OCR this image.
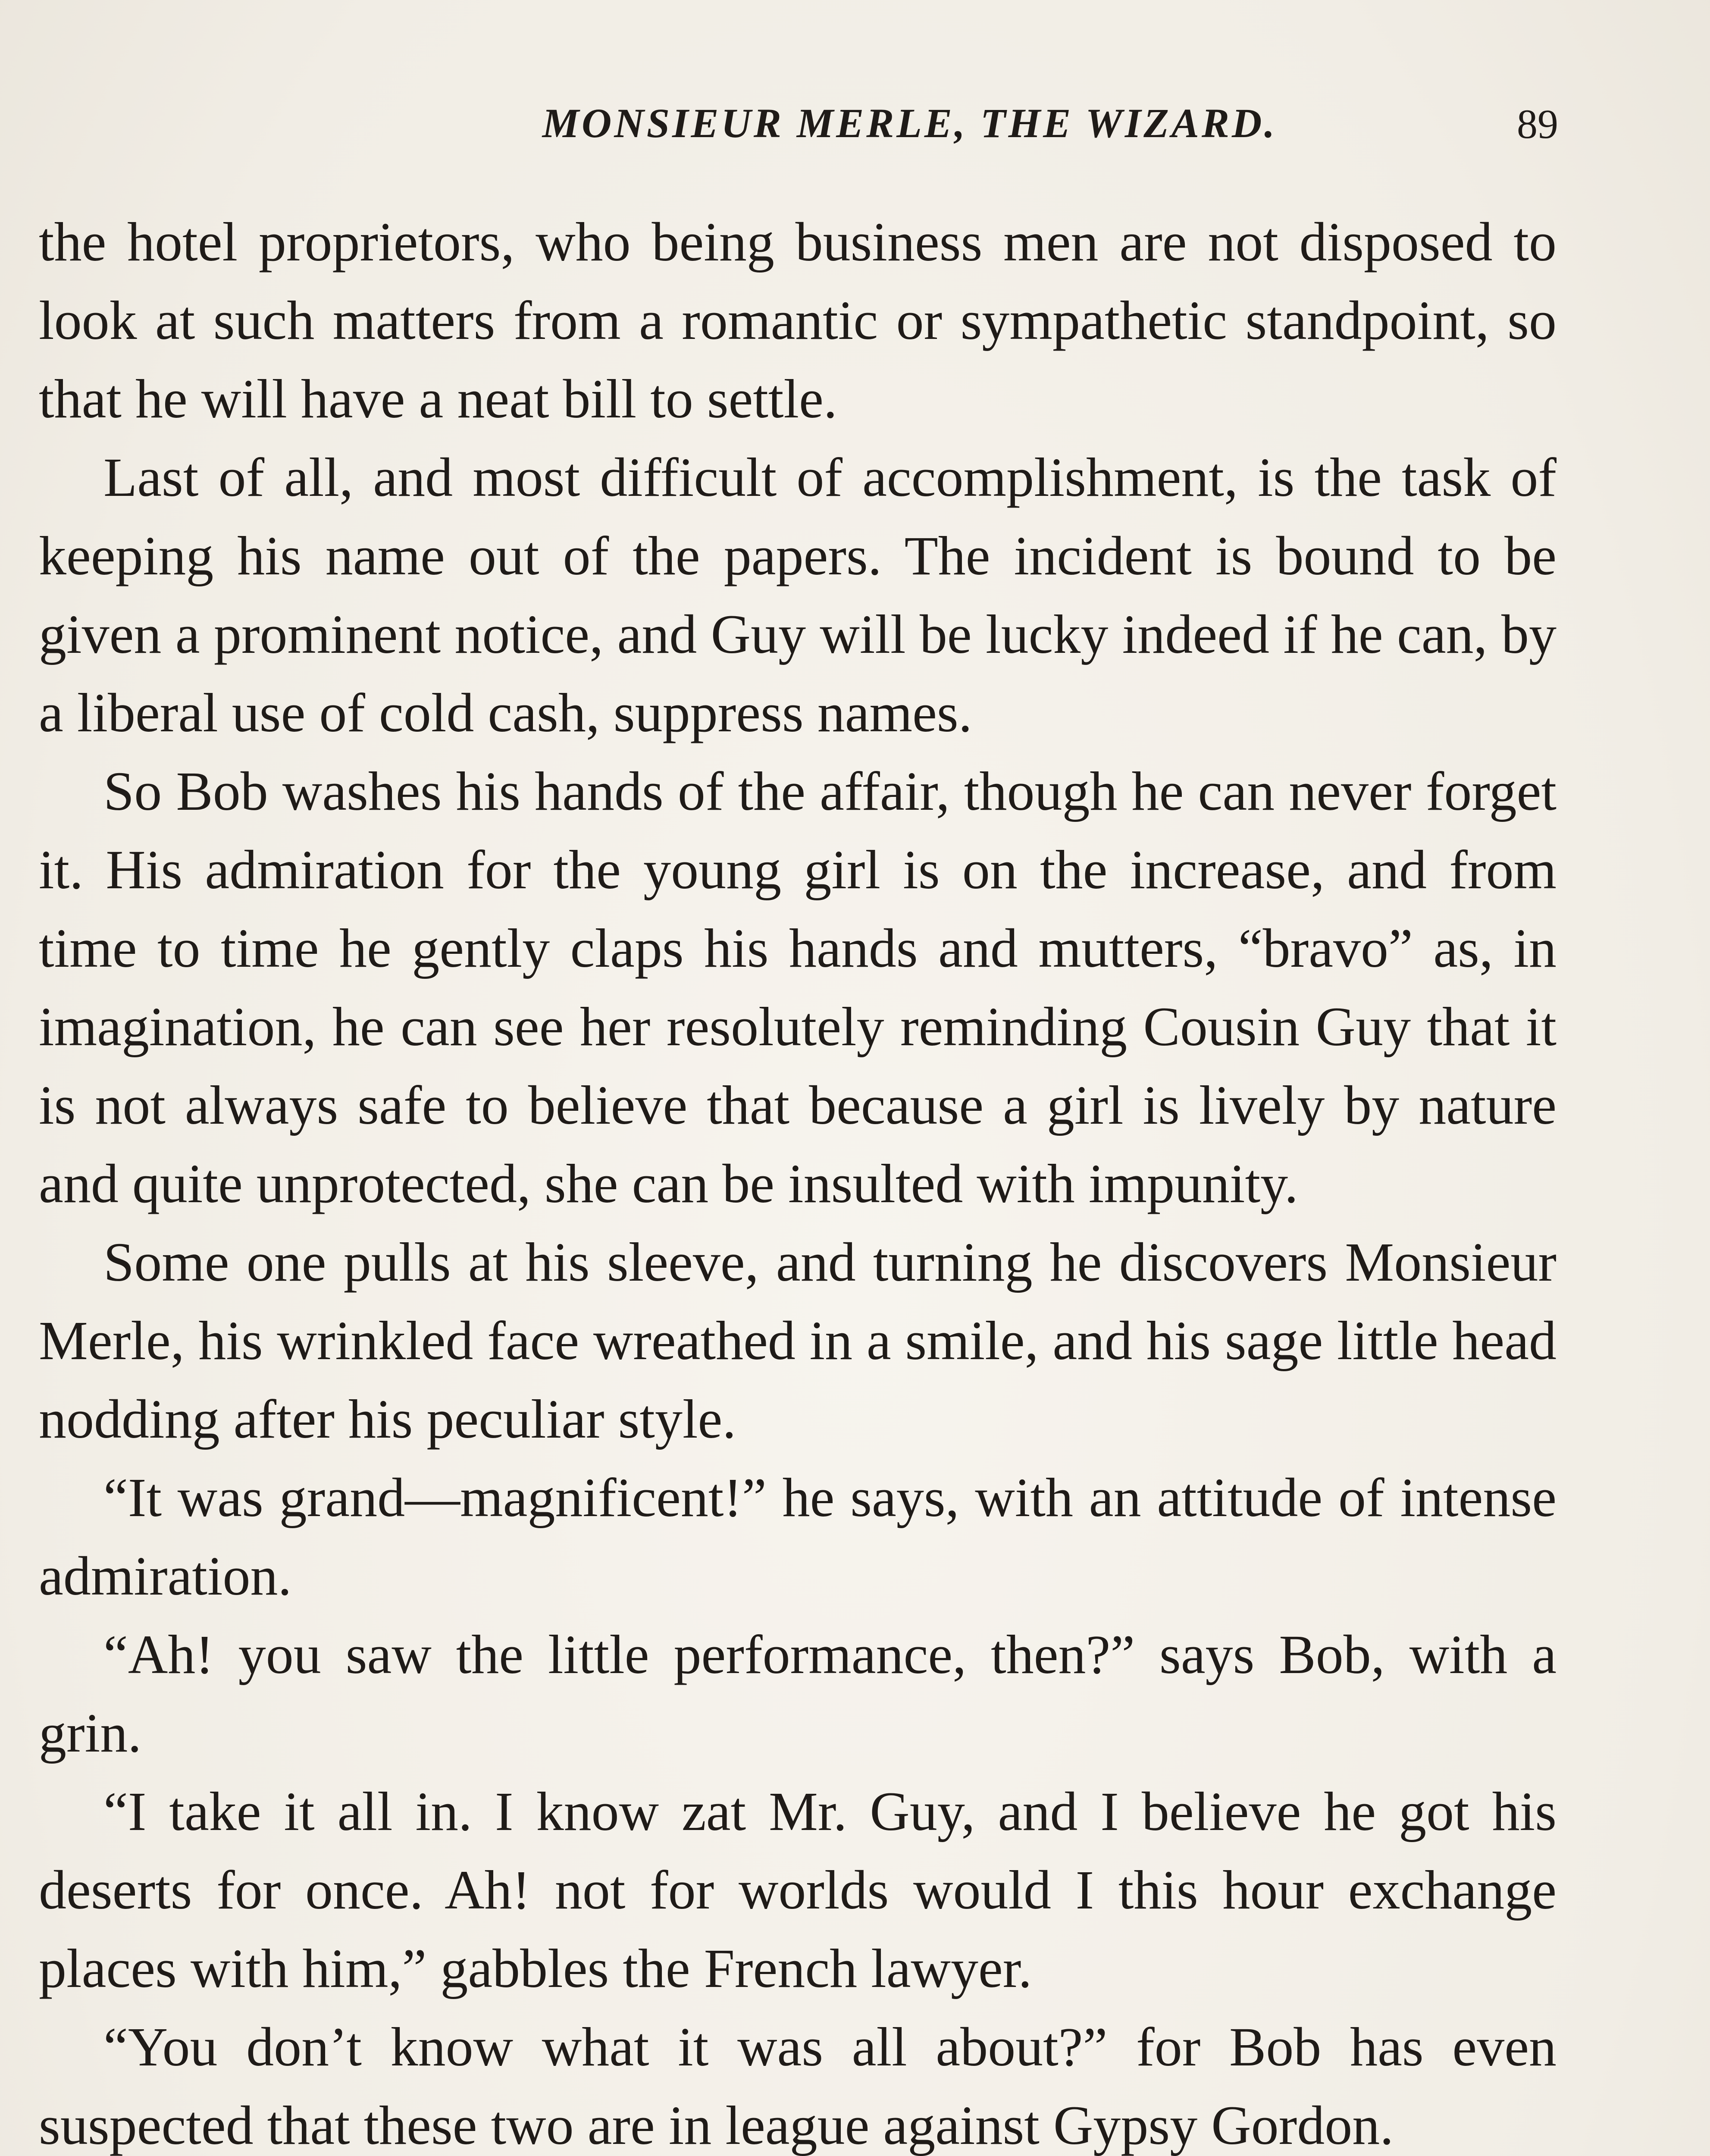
MONSIEUR MERLE, THE WIZARD.	89

the hotel proprietors, who being business men are not disposed to look at such matters from a romantic or sympathetic standpoint, so that he will have a neat bill to settle.

Last of all, and most difficult of accomplishment, is the task of keeping his name out of the papers. The incident is bound to be given a prominent notice, and Guy will be lucky indeed if he can, by a liberal use of cold cash, suppress names.

So Bob washes his hands of the affair, though he can never forget it. His admiration for the young girl is on the increase, and from time to time he gently claps his hands and mutters, “bravo” as, in imagination, he can see her resolutely reminding Cousin Guy that it is not always safe to believe that because a girl is lively by nature and quite unprotected, she can be insulted with impunity.

Some one pulls at his sleeve, and turning he discovers Monsieur Merle, his wrinkled face wreathed in a smile, and his sage little head nodding after his peculiar style.

“It was grand—magnificent!” he says, with an attitude of intense admiration.

“Ah! you saw the little performance, then?” says Bob, with a grin.

“I take it all in. I know zat Mr. Guy, and I believe he got his deserts for once. Ah! not for worlds would I this hour exchange places with him,” gabbles the French lawyer.

“You don’t know what it was all about?” for Bob has even suspected that these two are in league against Gypsy Gordon.
